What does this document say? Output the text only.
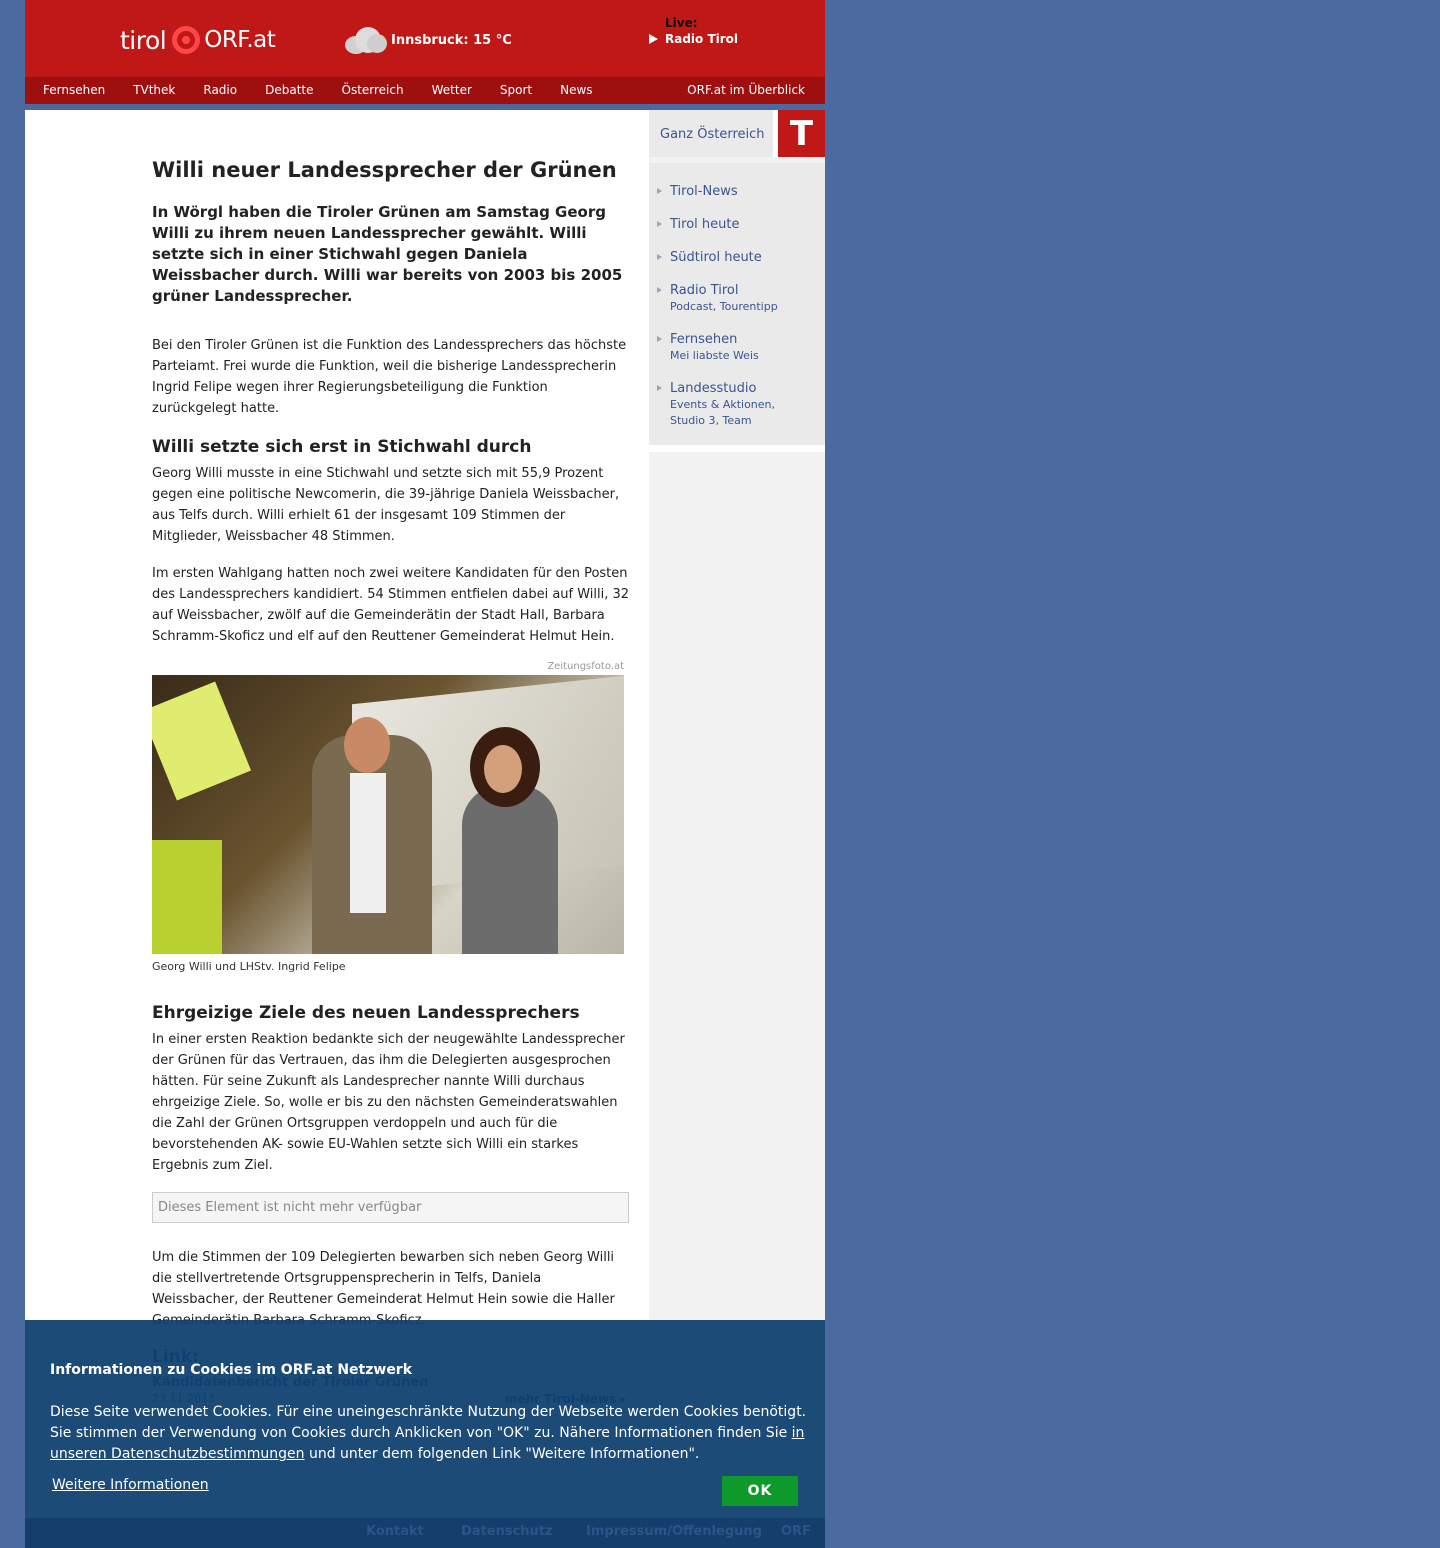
tirol ORF.at	Innsbruck: 15 °C
Live:
Radio Tirol
Fernsehen TVthek Radio Debatte Österreich Wetter Sport News	ORF.at im Überblick
Willi neuer Landessprecher der Grünen

In Wörgl haben die Tiroler Grünen am Samstag Georg Willi zu ihrem neuen Landessprecher gewählt. Willi setzte sich in einer Stichwahl gegen Daniela Weissbacher durch. Willi war bereits von 2003 bis 2005 grüner Landessprecher.

Bei den Tiroler Grünen ist die Funktion des Landessprechers das höchste Parteiamt. Frei wurde die Funktion, weil die bisherige Landessprecherin Ingrid Felipe wegen ihrer Regierungsbeteiligung die Funktion zurückgelegt hatte.

Willi setzte sich erst in Stichwahl durch

Georg Willi musste in eine Stichwahl und setzte sich mit 55,9 Prozent gegen eine politische Newcomerin, die 39-jährige Daniela Weissbacher, aus Telfs durch. Willi erhielt 61 der insgesamt 109 Stimmen der Mitglieder, Weissbacher 48 Stimmen.

Im ersten Wahlgang hatten noch zwei weitere Kandidaten für den Posten des Landessprechers kandidiert. 54 Stimmen entfielen dabei auf Willi, 32 auf Weissbacher, zwölf auf die Gemeinderätin der Stadt Hall, Barbara Schramm-Skoficz und elf auf den Reuttener Gemeinderat Helmut Hein.

Zeitungsfoto.at
Georg Willi und LHStv. Ingrid Felipe
Ehrgeizige Ziele des neuen Landessprechers

In einer ersten Reaktion bedankte sich der neugewählte Landessprecher der Grünen für das Vertrauen, das ihm die Delegierten ausgesprochen hätten. Für seine Zukunft als Landesprecher nannte Willi durchaus ehrgeizige Ziele. So, wolle er bis zu den nächsten Gemeinderatswahlen die Zahl der Grünen Ortsgruppen verdoppeln und auch für die bevorstehenden AK- sowie EU-Wahlen setzte sich Willi ein starkes Ergebnis zum Ziel.

Dieses Element ist nicht mehr verfügbar

Um die Stimmen der 109 Delegierten bewarben sich neben Georg Willi die stellvertretende Ortsgruppensprecherin in Telfs, Daniela Weissbacher, der Reuttener Gemeinderat Helmut Hein sowie die Haller

Ganz Österreich T
Tirol-News
Tirol heute
Südtirol heute
Radio Tirol
Podcast, Tourentipp
Fernsehen
Mei liabste Weis
Landesstudio
Events & Aktionen, Studio 3, Team
Informationen zu Cookies im ORF.at Netzwerk
Diese Seite verwendet Cookies. Für eine uneingeschränkte Nutzung der Webseite werden Cookies benötigt. Sie stimmen der Verwendung von Cookies durch Anklicken von "OK" zu. Nähere Informationen finden Sie in unseren Datenschutzbestimmungen und unter dem folgenden Link "Weitere Informationen".
Weitere Informationen	OK
Kontakt	Datenschutz	Impressum/Offenlegung ORF
